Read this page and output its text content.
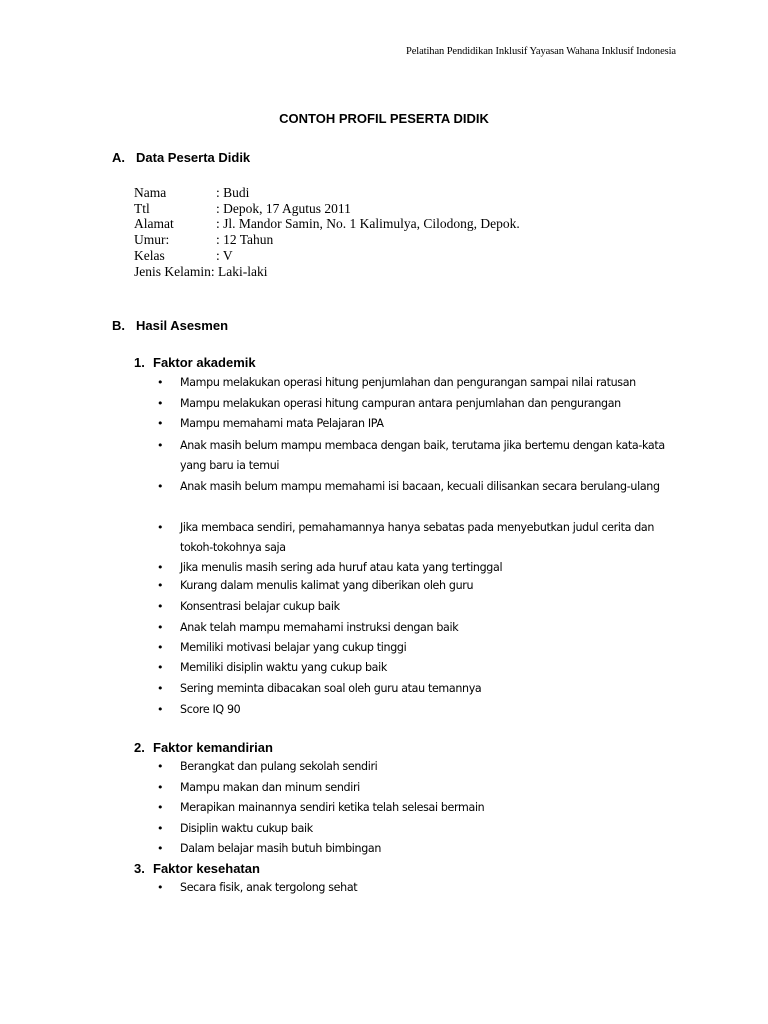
Pelatihan Pendidikan Inklusif Yayasan Wahana Inklusif Indonesia
CONTOH PROFIL PESERTA DIDIK
A. Data Peserta Didik
Nama	: Budi
Ttl	: Depok, 17 Agutus 2011
Alamat	: Jl. Mandor Samin, No. 1 Kalimulya, Cilodong, Depok.
Umur:	: 12 Tahun
Kelas	: V
Jenis Kelamin: Laki-laki
B. Hasil Asesmen
1. Faktor akademik
• Mampu melakukan operasi hitung penjumlahan dan pengurangan sampai nilai ratusan
• Mampu melakukan operasi hitung campuran antara penjumlahan dan pengurangan
• Mampu memahami mata Pelajaran IPA
• Anak masih belum mampu membaca dengan baik, terutama jika bertemu dengan kata-kata yang baru ia temui
• Anak masih belum mampu memahami isi bacaan, kecuali dilisankan secara berulang-ulang
• Jika membaca sendiri, pemahamannya hanya sebatas pada menyebutkan judul cerita dan tokoh-tokohnya saja
• Jika menulis masih sering ada huruf atau kata yang tertinggal
• Kurang dalam menulis kalimat yang diberikan oleh guru
• Konsentrasi belajar cukup baik
• Anak telah mampu memahami instruksi dengan baik
• Memiliki motivasi belajar yang cukup tinggi
• Memiliki disiplin waktu yang cukup baik
• Sering meminta dibacakan soal oleh guru atau temannya
• Score IQ 90
2. Faktor kemandirian
• Berangkat dan pulang sekolah sendiri
• Mampu makan dan minum sendiri
• Merapikan mainannya sendiri ketika telah selesai bermain
• Disiplin waktu cukup baik
• Dalam belajar masih butuh bimbingan
3. Faktor kesehatan
• Secara fisik, anak tergolong sehat
